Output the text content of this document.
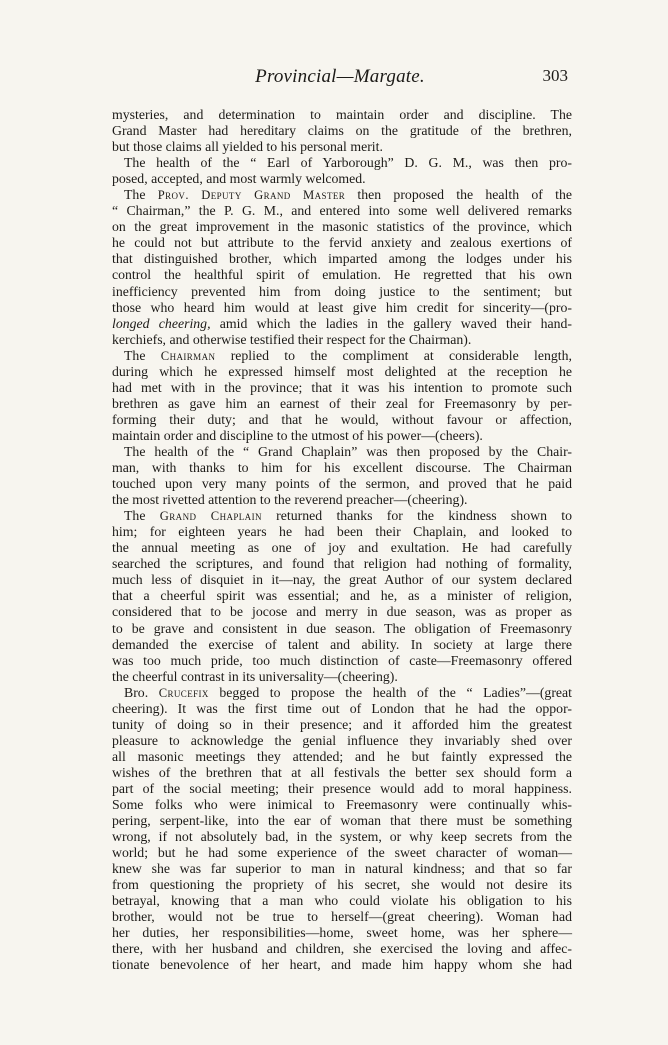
Provincial—Margate.	303
mysteries, and determination to maintain order and discipline. The
Grand Master had hereditary claims on the gratitude of the brethren,
but those claims all yielded to his personal merit.
The health of the “ Earl of Yarborough” D. G. M., was then pro-
posed, accepted, and most warmly welcomed.
The Prov. Deputy Grand Master then proposed the health of the
“ Chairman,” the P. G. M., and entered into some well delivered remarks
on the great improvement in the masonic statistics of the province, which
he could not but attribute to the fervid anxiety and zealous exertions of
that distinguished brother, which imparted among the lodges under his
control the healthful spirit of emulation. He regretted that his own
inefficiency prevented him from doing justice to the sentiment; but
those who heard him would at least give him credit for sincerity—(pro-
longed cheering, amid which the ladies in the gallery waved their hand-
kerchiefs, and otherwise testified their respect for the Chairman).
The Chairman replied to the compliment at considerable length,
during which he expressed himself most delighted at the reception he
had met with in the province; that it was his intention to promote such
brethren as gave him an earnest of their zeal for Freemasonry by per-
forming their duty; and that he would, without favour or affection,
maintain order and discipline to the utmost of his power—(cheers).
The health of the “ Grand Chaplain” was then proposed by the Chair-
man, with thanks to him for his excellent discourse. The Chairman
touched upon very many points of the sermon, and proved that he paid
the most rivetted attention to the reverend preacher—(cheering).
The Grand Chaplain returned thanks for the kindness shown to
him; for eighteen years he had been their Chaplain, and looked to
the annual meeting as one of joy and exultation. He had carefully
searched the scriptures, and found that religion had nothing of formality,
much less of disquiet in it—nay, the great Author of our system declared
that a cheerful spirit was essential; and he, as a minister of religion,
considered that to be jocose and merry in due season, was as proper as
to be grave and consistent in due season. The obligation of Freemasonry
demanded the exercise of talent and ability. In society at large there
was too much pride, too much distinction of caste—Freemasonry offered
the cheerful contrast in its universality—(cheering).
Bro. Crucefix begged to propose the health of the “ Ladies”—(great
cheering). It was the first time out of London that he had the oppor-
tunity of doing so in their presence; and it afforded him the greatest
pleasure to acknowledge the genial influence they invariably shed over
all masonic meetings they attended; and he but faintly expressed the
wishes of the brethren that at all festivals the better sex should form a
part of the social meeting; their presence would add to moral happiness.
Some folks who were inimical to Freemasonry were continually whis-
pering, serpent-like, into the ear of woman that there must be something
wrong, if not absolutely bad, in the system, or why keep secrets from the
world; but he had some experience of the sweet character of woman—
knew she was far superior to man in natural kindness; and that so far
from questioning the propriety of his secret, she would not desire its
betrayal, knowing that a man who could violate his obligation to his
brother, would not be true to herself—(great cheering). Woman had
her duties, her responsibilities—home, sweet home, was her sphere—
there, with her husband and children, she exercised the loving and affec-
tionate benevolence of her heart, and made him happy whom she had
